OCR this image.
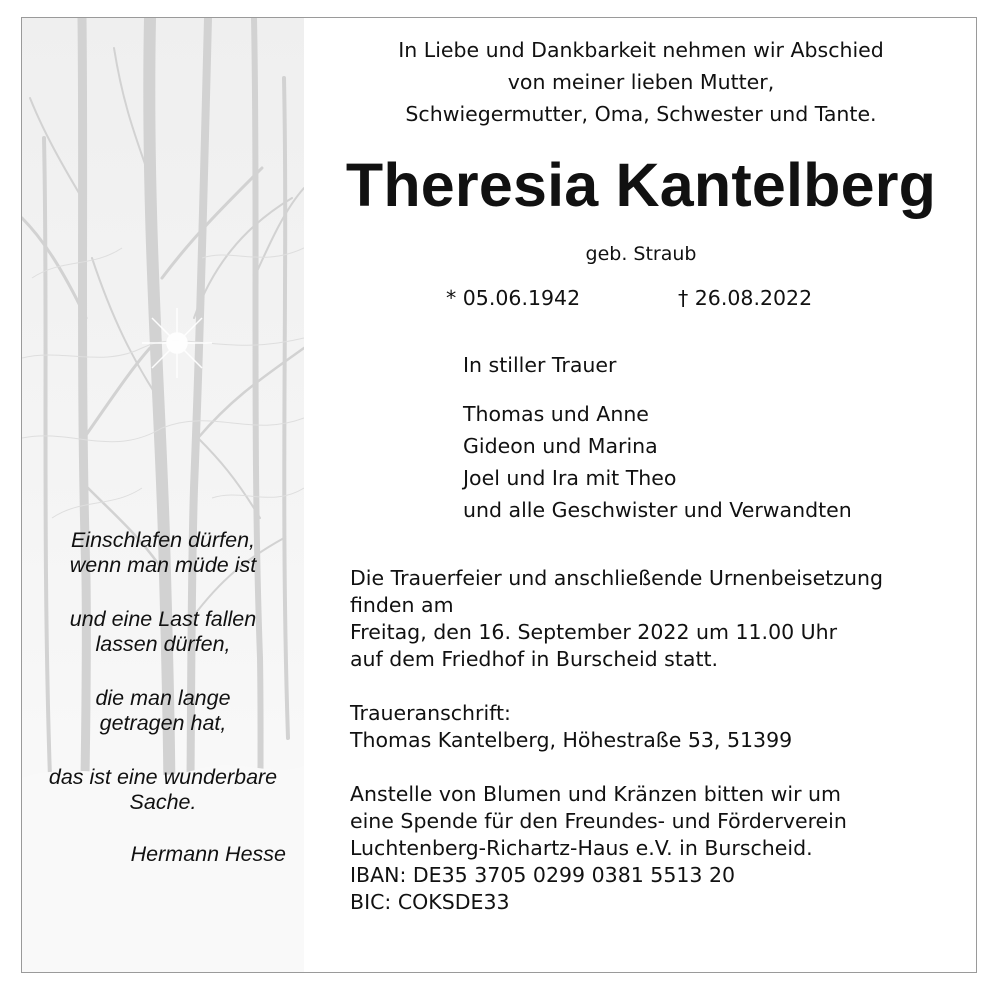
Einschlafen dürfen,
wenn man müde ist
und eine Last fallen
lassen dürfen,
die man lange
getragen hat,
das ist eine wunderbare
Sache.
Hermann Hesse
In Liebe und Dankbarkeit nehmen wir Abschied
von meiner lieben Mutter,
Schwiegermutter, Oma, Schwester und Tante.
Theresia Kantelberg
geb. Straub
* 05.06.1942	† 26.08.2022
In stiller Trauer
Thomas und Anne
Gideon und Marina
Joel und Ira mit Theo
und alle Geschwister und Verwandten
Die Trauerfeier und anschließende Urnenbeisetzung
finden am
Freitag, den 16. September 2022 um 11.00 Uhr
auf dem Friedhof in Burscheid statt.
Traueranschrift:
Thomas Kantelberg, Höhestraße 53, 51399
Anstelle von Blumen und Kränzen bitten wir um
eine Spende für den Freundes- und Förderverein
Luchtenberg-Richartz-Haus e.V. in Burscheid.
IBAN: DE35 3705 0299 0381 5513 20
BIC: COKSDE33
